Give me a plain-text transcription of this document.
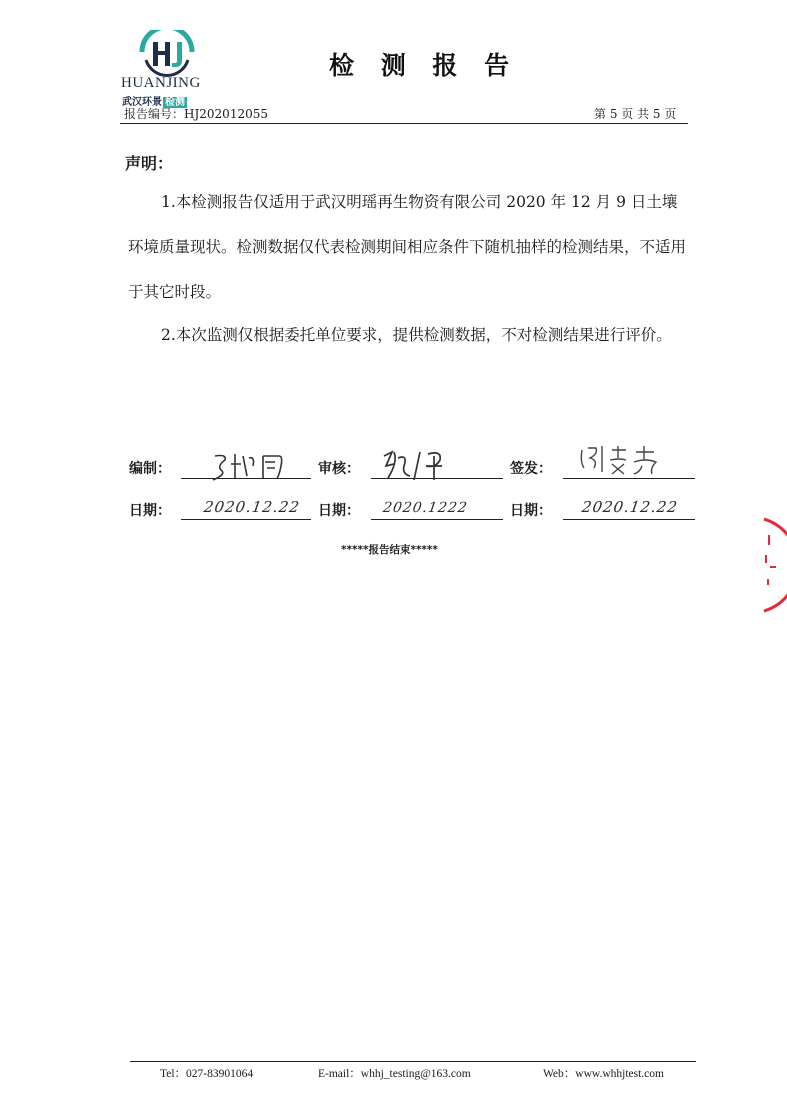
HUANJING
武汉环景 检测
检 测 报 告
报告编号：HJ202012055	第 5 页 共 5 页
声明：

1.本检测报告仅适用于武汉明瑶再生物资有限公司 2020 年 12 月 9 日土壤环境质量现状。检测数据仅代表检测期间相应条件下随机抽样的检测结果，不适用于其它时段。

2.本次监测仅根据委托单位要求，提供检测数据，不对检测结果进行评价。

编制：	审核：	签发：
日期： 2020.12.22 日期： 2020.1222	日期： 2020.12.22
*****报告结束*****
Tel：027-83901064	E-mail：whhj_testing@163.com	Web：www.whhjtest.com
